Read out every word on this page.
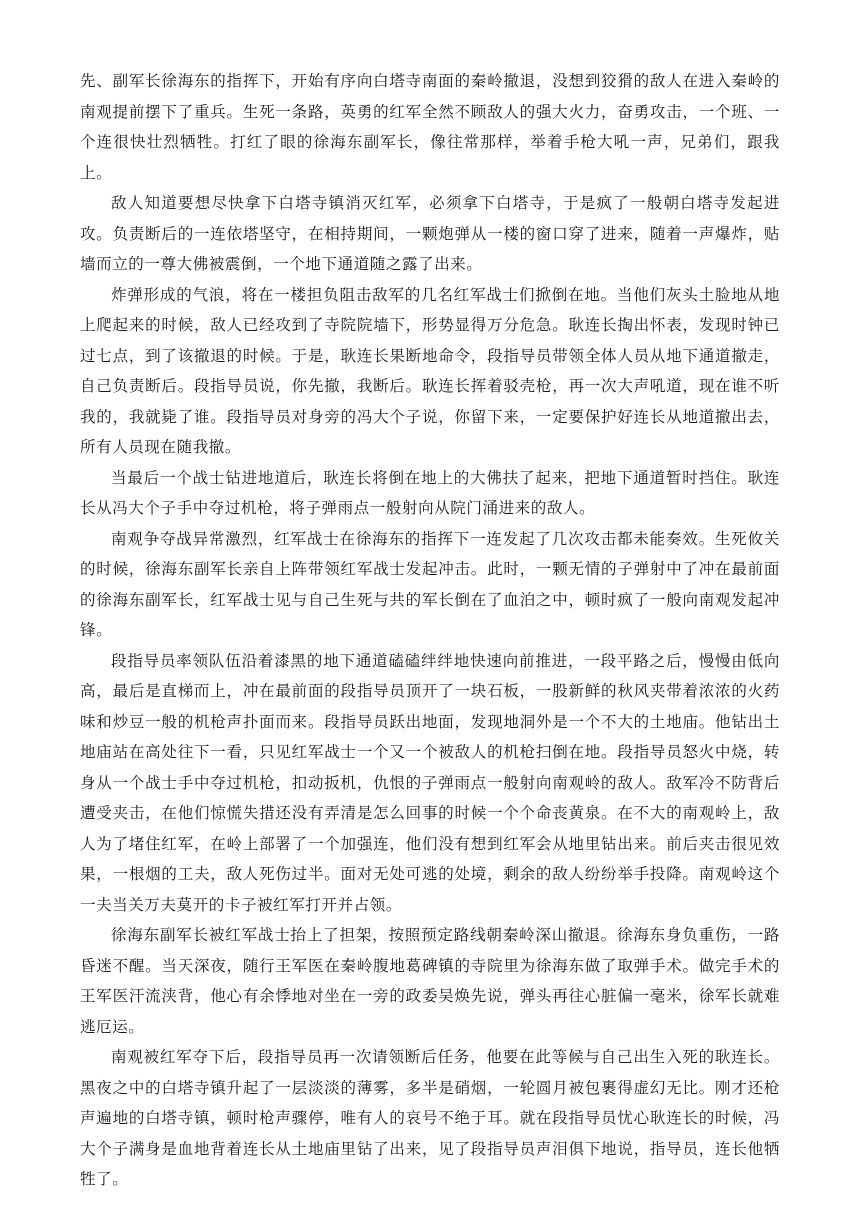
先、副军长徐海东的指挥下，开始有序向白塔寺南面的秦岭撤退，没想到狡猾的敌人在进入秦岭的南观提前摆下了重兵。生死一条路，英勇的红军全然不顾敌人的强大火力，奋勇攻击，一个班、一个连很快壮烈牺牲。打红了眼的徐海东副军长，像往常那样，举着手枪大吼一声，兄弟们，跟我上。

敌人知道要想尽快拿下白塔寺镇消灭红军，必须拿下白塔寺，于是疯了一般朝白塔寺发起进攻。负责断后的一连依塔坚守，在相持期间，一颗炮弹从一楼的窗口穿了进来，随着一声爆炸，贴墙而立的一尊大佛被震倒，一个地下通道随之露了出来。

炸弹形成的气浪，将在一楼担负阻击敌军的几名红军战士们掀倒在地。当他们灰头土脸地从地上爬起来的时候，敌人已经攻到了寺院院墙下，形势显得万分危急。耿连长掏出怀表，发现时钟已过七点，到了该撤退的时候。于是，耿连长果断地命令，段指导员带领全体人员从地下通道撤走，自己负责断后。段指导员说，你先撤，我断后。耿连长挥着驳壳枪，再一次大声吼道，现在谁不听我的，我就毙了谁。段指导员对身旁的冯大个子说，你留下来，一定要保护好连长从地道撤出去，所有人员现在随我撤。

当最后一个战士钻进地道后，耿连长将倒在地上的大佛扶了起来，把地下通道暂时挡住。耿连长从冯大个子手中夺过机枪，将子弹雨点一般射向从院门涌进来的敌人。

南观争夺战异常激烈，红军战士在徐海东的指挥下一连发起了几次攻击都未能奏效。生死攸关的时候，徐海东副军长亲自上阵带领红军战士发起冲击。此时，一颗无情的子弹射中了冲在最前面的徐海东副军长，红军战士见与自己生死与共的军长倒在了血泊之中，顿时疯了一般向南观发起冲锋。

段指导员率领队伍沿着漆黑的地下通道磕磕绊绊地快速向前推进，一段平路之后，慢慢由低向高，最后是直梯而上，冲在最前面的段指导员顶开了一块石板，一股新鲜的秋风夹带着浓浓的火药味和炒豆一般的机枪声扑面而来。段指导员跃出地面，发现地洞外是一个不大的土地庙。他钻出土地庙站在高处往下一看，只见红军战士一个又一个被敌人的机枪扫倒在地。段指导员怒火中烧，转身从一个战士手中夺过机枪，扣动扳机，仇恨的子弹雨点一般射向南观岭的敌人。敌军冷不防背后遭受夹击，在他们惊慌失措还没有弄清是怎么回事的时候一个个命丧黄泉。在不大的南观岭上，敌人为了堵住红军，在岭上部署了一个加强连，他们没有想到红军会从地里钻出来。前后夹击很见效果，一根烟的工夫，敌人死伤过半。面对无处可逃的处境，剩余的敌人纷纷举手投降。南观岭这个一夫当关万夫莫开的卡子被红军打开并占领。

徐海东副军长被红军战士抬上了担架，按照预定路线朝秦岭深山撤退。徐海东身负重伤，一路昏迷不醒。当天深夜，随行王军医在秦岭腹地葛碑镇的寺院里为徐海东做了取弹手术。做完手术的王军医汗流浃背，他心有余悸地对坐在一旁的政委吴焕先说，弹头再往心脏偏一毫米，徐军长就难逃厄运。

南观被红军夺下后，段指导员再一次请领断后任务，他要在此等候与自己出生入死的耿连长。黑夜之中的白塔寺镇升起了一层淡淡的薄雾，多半是硝烟，一轮圆月被包裹得虚幻无比。刚才还枪声遍地的白塔寺镇，顿时枪声骤停，唯有人的哀号不绝于耳。就在段指导员忧心耿连长的时候，冯大个子满身是血地背着连长从土地庙里钻了出来，见了段指导员声泪俱下地说，指导员，连长他牺牲了。
